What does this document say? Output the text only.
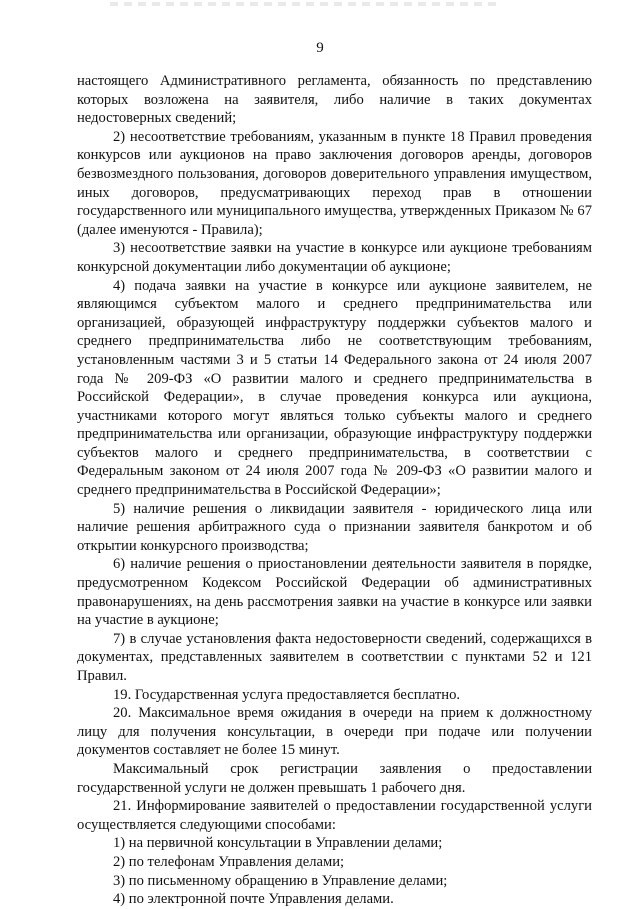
9

настоящего Административного регламента, обязанность по представлению которых возложена на заявителя, либо наличие в таких документах недостоверных сведений;

2) несоответствие требованиям, указанным в пункте 18 Правил проведения конкурсов или аукционов на право заключения договоров аренды, договоров безвозмездного пользования, договоров доверительного управления имуществом, иных договоров, предусматривающих переход прав в отношении государственного или муниципального имущества, утвержденных Приказом № 67 (далее именуются - Правила);

3) несоответствие заявки на участие в конкурсе или аукционе требованиям конкурсной документации либо документации об аукционе;

4) подача заявки на участие в конкурсе или аукционе заявителем, не являющимся субъектом малого и среднего предпринимательства или организацией, образующей инфраструктуру поддержки субъектов малого и среднего предпринимательства либо не соответствующим требованиям, установленным частями 3 и 5 статьи 14 Федерального закона от 24 июля 2007 года № 209-ФЗ «О развитии малого и среднего предпринимательства в Российской Федерации», в случае проведения конкурса или аукциона, участниками которого могут являться только субъекты малого и среднего предпринимательства или организации, образующие инфраструктуру поддержки субъектов малого и среднего предпринимательства, в соответствии с Федеральным законом от 24 июля 2007 года № 209-ФЗ «О развитии малого и среднего предпринимательства в Российской Федерации»;

5) наличие решения о ликвидации заявителя - юридического лица или наличие решения арбитражного суда о признании заявителя банкротом и об открытии конкурсного производства;

6) наличие решения о приостановлении деятельности заявителя в порядке, предусмотренном Кодексом Российской Федерации об административных правонарушениях, на день рассмотрения заявки на участие в конкурсе или заявки на участие в аукционе;

7) в случае установления факта недостоверности сведений, содержащихся в документах, представленных заявителем в соответствии с пунктами 52 и 121 Правил.

19. Государственная услуга предоставляется бесплатно.

20. Максимальное время ожидания в очереди на прием к должностному лицу для получения консультации, в очереди при подаче или получении документов составляет не более 15 минут.

Максимальный срок регистрации заявления о предоставлении государственной услуги не должен превышать 1 рабочего дня.

21. Информирование заявителей о предоставлении государственной услуги осуществляется следующими способами:

1) на первичной консультации в Управлении делами;

2) по телефонам Управления делами;

3) по письменному обращению в Управление делами;

4) по электронной почте Управления делами.
